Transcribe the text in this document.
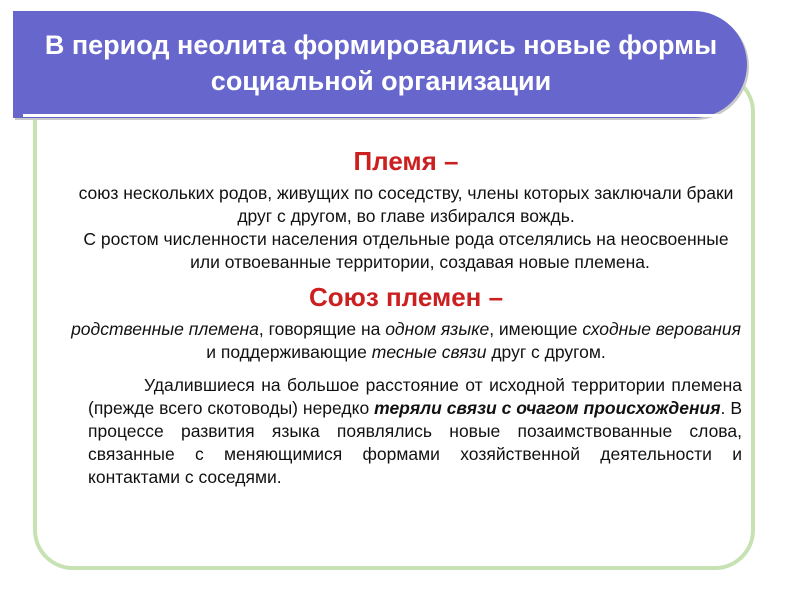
В период неолита формировались новые формы социальной организации
Племя –

союз нескольких родов, живущих по соседству, члены которых заключали браки друг с другом, во главе избирался вождь.

С ростом численности населения отдельные рода отселялись на неосвоенные или отвоеванные территории, создавая новые племена.

Союз племен –

родственные племена, говорящие на одном языке, имеющие сходные верования и поддерживающие тесные связи друг с другом.

Удалившиеся на большое расстояние от исходной территории племена (прежде всего скотоводы) нередко теряли связи с очагом происхождения. В процессе развития языка появлялись новые позаимствованные слова, связанные с меняющимися формами хозяйственной деятельности и контактами с соседями.
